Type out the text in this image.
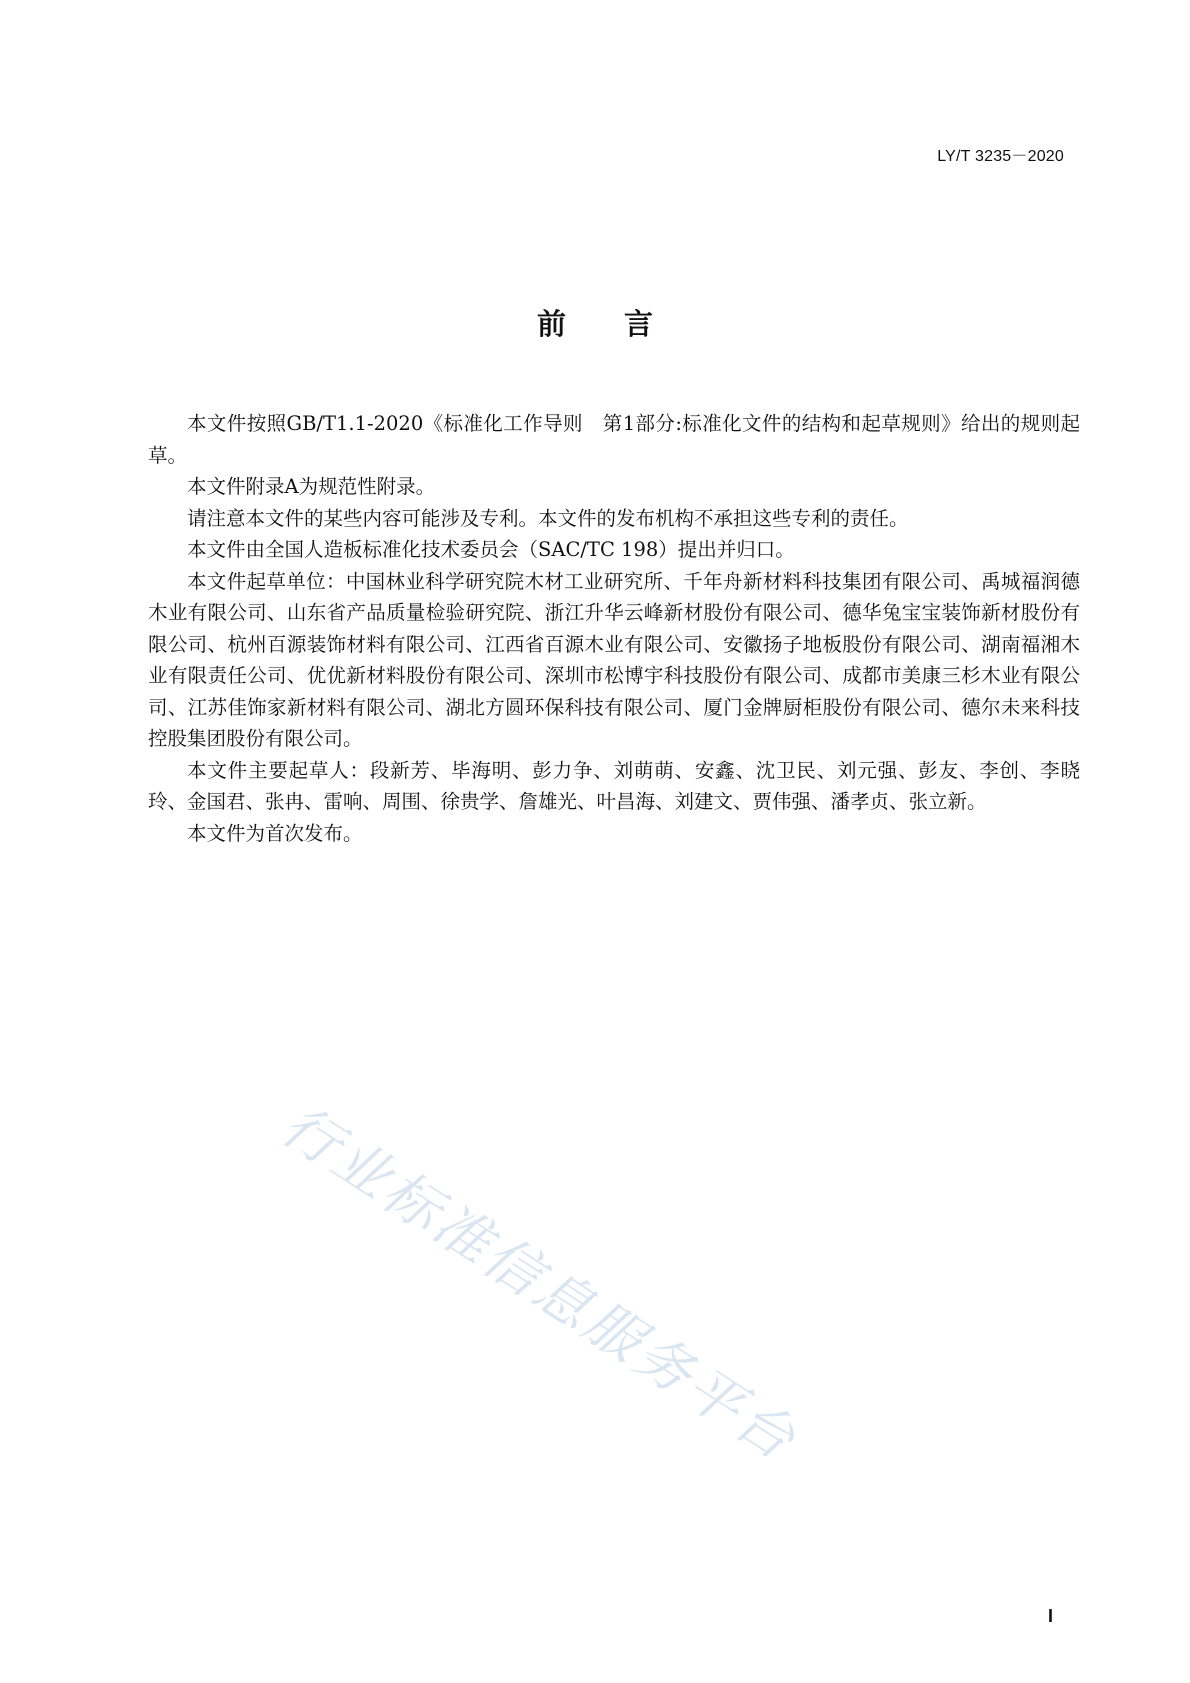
LY/T 3235－2020
前言

本文件按照GB/T1.1-2020《标准化工作导则　第1部分:标准化文件的结构和起草规则》给出的规则起草。

本文件附录A为规范性附录。

请注意本文件的某些内容可能涉及专利。本文件的发布机构不承担这些专利的责任。

本文件由全国人造板标准化技术委员会（SAC/TC 198）提出并归口。

本文件起草单位：中国林业科学研究院木材工业研究所、千年舟新材料科技集团有限公司、禹城福润德木业有限公司、山东省产品质量检验研究院、浙江升华云峰新材股份有限公司、德华兔宝宝装饰新材股份有限公司、杭州百源装饰材料有限公司、江西省百源木业有限公司、安徽扬子地板股份有限公司、湖南福湘木业有限责任公司、优优新材料股份有限公司、深圳市松博宇科技股份有限公司、成都市美康三杉木业有限公司、江苏佳饰家新材料有限公司、湖北方圆环保科技有限公司、厦门金牌厨柜股份有限公司、德尔未来科技控股集团股份有限公司。

本文件主要起草人：段新芳、毕海明、彭力争、刘萌萌、安鑫、沈卫民、刘元强、彭友、李创、李晓玲、金国君、张冉、雷响、周围、徐贵学、詹雄光、叶昌海、刘建文、贾伟强、潘孝贞、张立新。

本文件为首次发布。

行业标准信息服务平台
I
